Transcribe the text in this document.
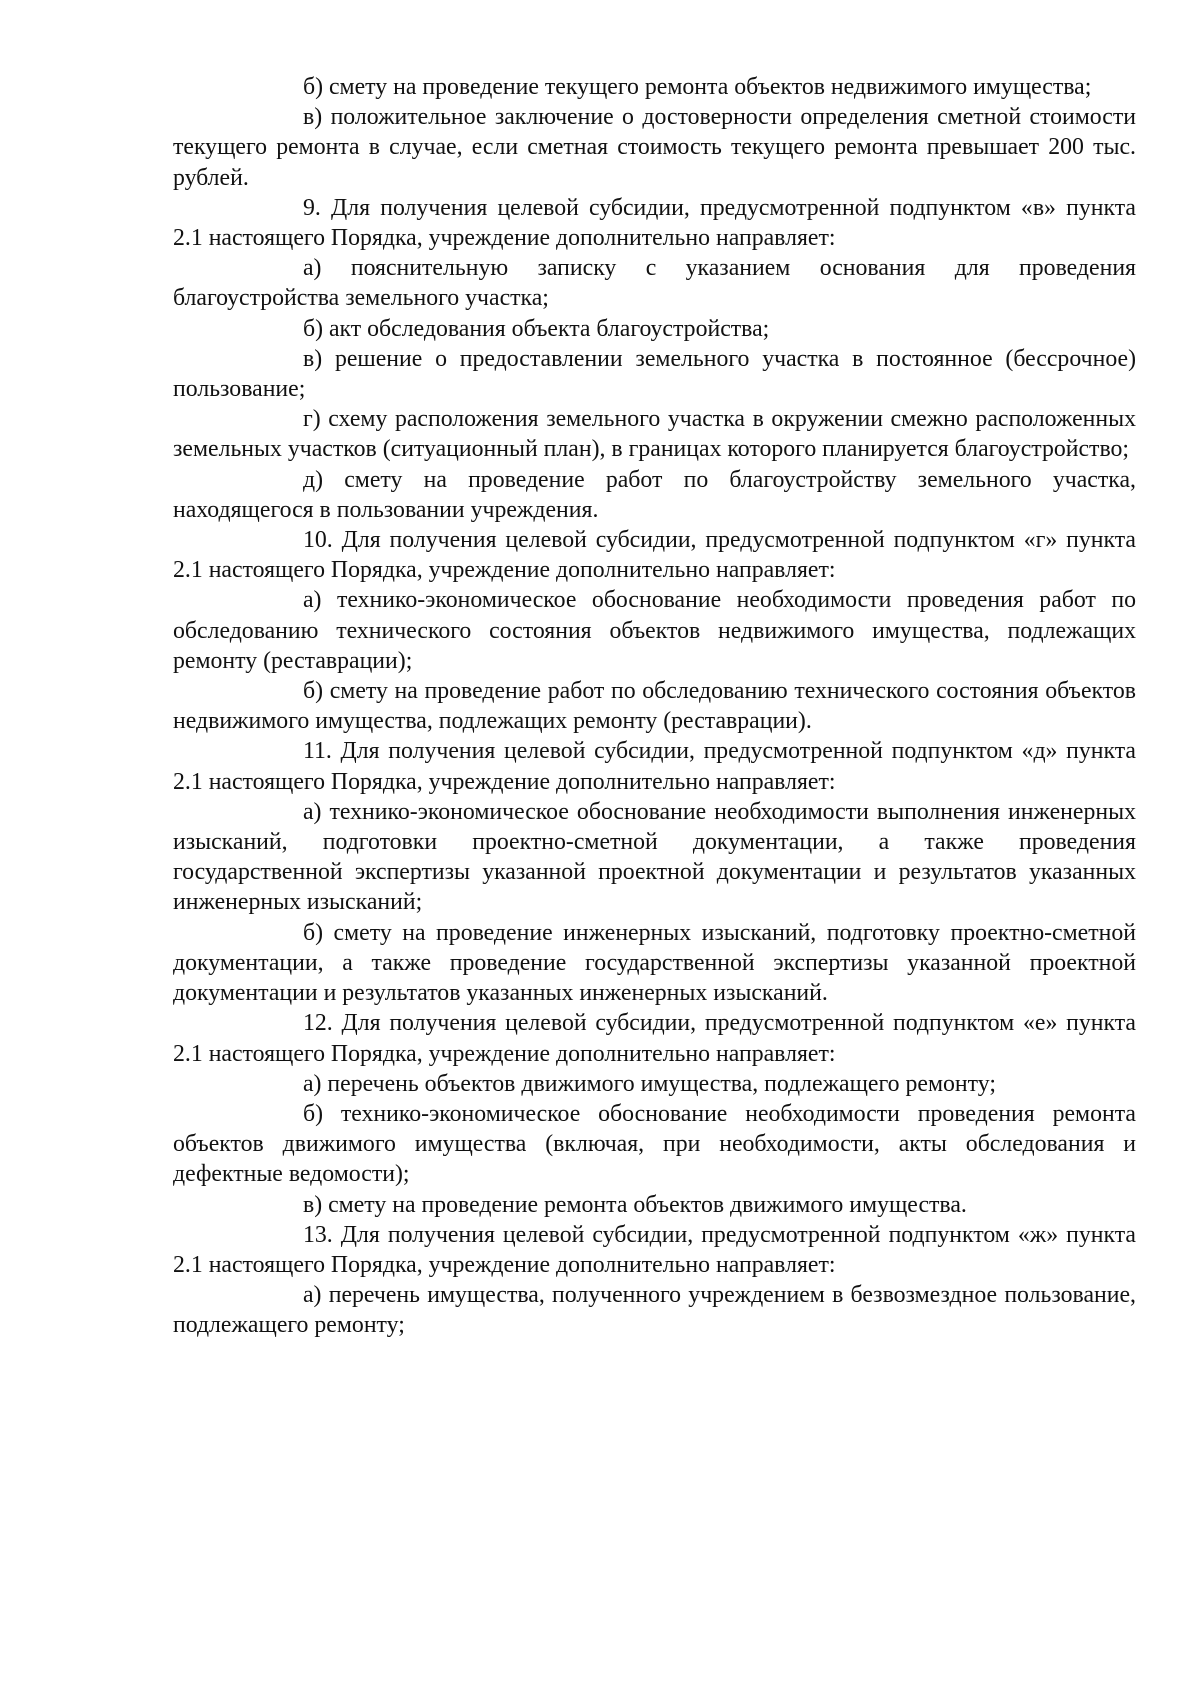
б) смету на проведение текущего ремонта объектов недвижимого имущества;

в) положительное заключение о достоверности определения сметной стоимости текущего ремонта в случае, если сметная стоимость текущего ремонта превышает 200 тыс. рублей.

9. Для получения целевой субсидии, предусмотренной подпунктом «в» пункта 2.1 настоящего Порядка, учреждение дополнительно направляет:

а) пояснительную записку с указанием основания для проведения благоустройства земельного участка;

б) акт обследования объекта благоустройства;

в) решение о предоставлении земельного участка в постоянное (бессрочное) пользование;

г) схему расположения земельного участка в окружении смежно расположенных земельных участков (ситуационный план), в границах которого планируется благоустройство;

д) смету на проведение работ по благоустройству земельного участка, находящегося в пользовании учреждения.

10. Для получения целевой субсидии, предусмотренной подпунктом «г» пункта 2.1 настоящего Порядка, учреждение дополнительно направляет:

а) технико-экономическое обоснование необходимости проведения работ по обследованию технического состояния объектов недвижимого имущества, подлежащих ремонту (реставрации);

б) смету на проведение работ по обследованию технического состояния объектов недвижимого имущества, подлежащих ремонту (реставрации).

11. Для получения целевой субсидии, предусмотренной подпунктом «д» пункта 2.1 настоящего Порядка, учреждение дополнительно направляет:

а) технико-экономическое обоснование необходимости выполнения инженерных изысканий, подготовки проектно-сметной документации, а также проведения государственной экспертизы указанной проектной документации и результатов указанных инженерных изысканий;

б) смету на проведение инженерных изысканий, подготовку проектно-сметной документации, а также проведение государственной экспертизы указанной проектной документации и результатов указанных инженерных изысканий.

12. Для получения целевой субсидии, предусмотренной подпунктом «е» пункта 2.1 настоящего Порядка, учреждение дополнительно направляет:

а) перечень объектов движимого имущества, подлежащего ремонту;

б) технико-экономическое обоснование необходимости проведения ремонта объектов движимого имущества (включая, при необходимости, акты обследования и дефектные ведомости);

в) смету на проведение ремонта объектов движимого имущества.

13. Для получения целевой субсидии, предусмотренной подпунктом «ж» пункта 2.1 настоящего Порядка, учреждение дополнительно направляет:

а) перечень имущества, полученного учреждением в безвозмездное пользование, подлежащего ремонту;
